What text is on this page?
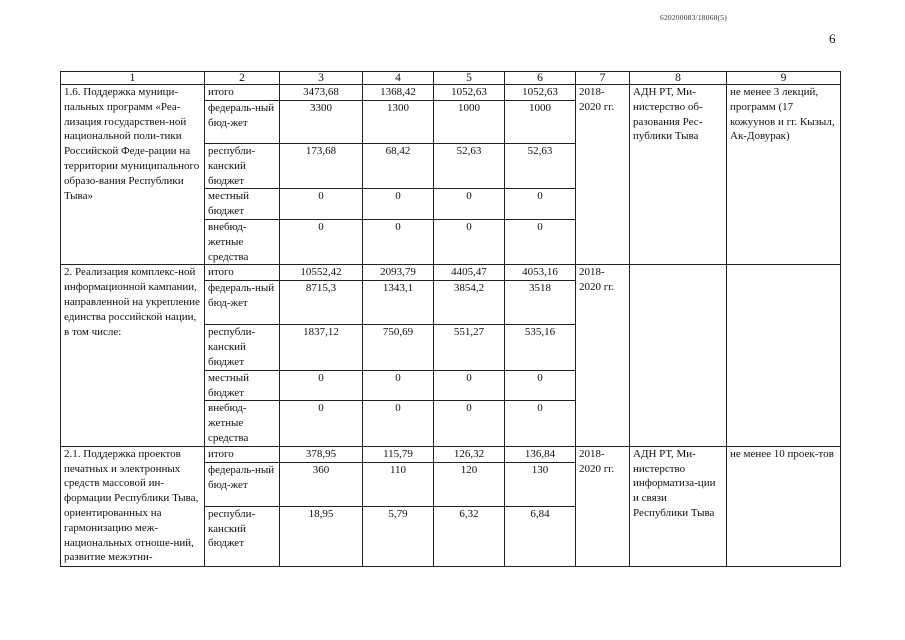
620200083/18068(5)
6
1	2	3	4	5	6	7	8	9
1.6. Поддержка муници-пальных программ «Реа-лизация государствен-ной национальной поли-тики Российской Феде-рации на территории муниципального образо-вания Республики Тыва»	итого	3473,68	1368,42	1052,63	1052,63	2018-2020 гг.	АДН РТ, Ми-нистерство об-разования Рес-публики Тыва	не менее 3 лекций, программ (17 кожуунов и гг. Кызыл, Ак-Довурак)
	федераль-ный бюд-жет	3300	1300	1000	1000			
	республи-канский бюджет	173,68	68,42	52,63	52,63			
	местный бюджет	0	0	0	0			
	внебюд-жетные средства	0	0	0	0			
2. Реализация комплекс-ной информационной кампании, направленной на укрепление единства российской нации, в том числе:	итого	10552,42	2093,79	4405,47	4053,16	2018-2020 гг.		
	федераль-ный бюд-жет	8715,3	1343,1	3854,2	3518			
	республи-канский бюджет	1837,12	750,69	551,27	535,16			
	местный бюджет	0	0	0	0			
	внебюд-жетные средства	0	0	0	0			
2.1. Поддержка проектов печатных и электронных средств массовой ин-формации Республики Тыва, ориентированных на гармонизацию меж-национальных отноше-ний, развитие межэтни-	итого	378,95	115,79	126,32	136,84	2018-2020 гг.	АДН РТ, Ми-нистерство информатиза-ции и связи Республики Тыва	не менее 10 проек-тов
	федераль-ный бюд-жет	360	110	120	130			
	республи-канский бюджет	18,95	5,79	6,32	6,84			
